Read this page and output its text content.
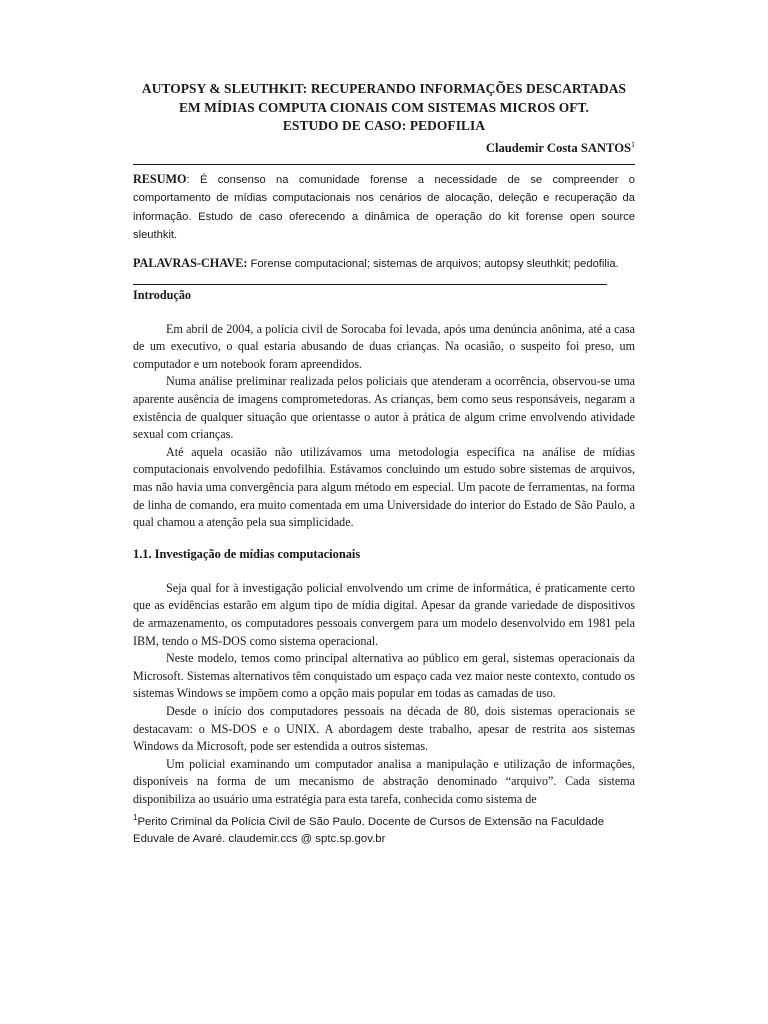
AUTOPSY & SLEUTHKIT: RECUPERANDO INFORMAÇÕES DESCARTADAS
EM MÍDIAS COMPUTA CIONAIS COM SISTEMAS MICROS OFT.
ESTUDO DE CASO: PEDOFILIA
Claudemir Costa SANTOS$^1$
RESUMO: É consenso na comunidade forense a necessidade de se compreender o comportamento de mídias computacionais nos cenários de alocação, deleção e recuperação da informação. Estudo de caso oferecendo a dinâmica de operação do kit forense open source sleuthkit.
PALAVRAS-CHAVE: Forense computacional; sistemas de arquivos; autopsy sleuthkit; pedofilia.
Introdução

Em abril de 2004, a polícia civil de Sorocaba foi levada, após uma denúncia anônima, até a casa de um executivo, o qual estaria abusando de duas crianças. Na ocasião, o suspeito foi preso, um computador e um notebook foram apreendidos.

Numa análise preliminar realizada pelos policiais que atenderam a ocorrência, observou-se uma aparente ausência de imagens comprometedoras. As crianças, bem como seus responsáveis, negaram a existência de qualquer situação que orientasse o autor à prática de algum crime envolvendo atividade sexual com crianças.

Até aquela ocasião não utilizávamos uma metodologia específica na análise de mídias computacionais envolvendo pedofilhia. Estávamos concluindo um estudo sobre sistemas de arquivos, mas não havia uma convergência para algum método em especial. Um pacote de ferramentas, na forma de linha de comando, era muito comentada em uma Universidade do interior do Estado de São Paulo, a qual chamou a atenção pela sua simplicidade.

1.1. Investigação de mídias computacionais

Seja qual for à investigação policial envolvendo um crime de informática, é praticamente certo que as evidências estarão em algum tipo de mídia digital. Apesar da grande variedade de dispositivos de armazenamento, os computadores pessoais convergem para um modelo desenvolvido em 1981 pela IBM, tendo o MS-DOS como sistema operacional.

Neste modelo, temos como principal alternativa ao público em geral, sistemas operacionais da Microsoft. Sistemas alternativos têm conquistado um espaço cada vez maior neste contexto, contudo os sistemas Windows se impõem como a opção mais popular em todas as camadas de uso.

Desde o início dos computadores pessoais na década de 80, dois sistemas operacionais se destacavam: o MS-DOS e o UNIX. A abordagem deste trabalho, apesar de restrita aos sistemas Windows da Microsoft, pode ser estendida a outros sistemas.

Um policial examinando um computador analisa a manipulação e utilização de informações, disponíveis na forma de um mecanismo de abstração denominado “arquivo”. Cada sistema disponibiliza ao usuário uma estratégia para esta tarefa, conhecida como sistema de

$^1$Perito Criminal da Polícia Civil de São Paulo. Docente de Cursos de Extensão na Faculdade
Eduvale de Avaré. claudemir.ccs @ sptc.sp.gov.br
